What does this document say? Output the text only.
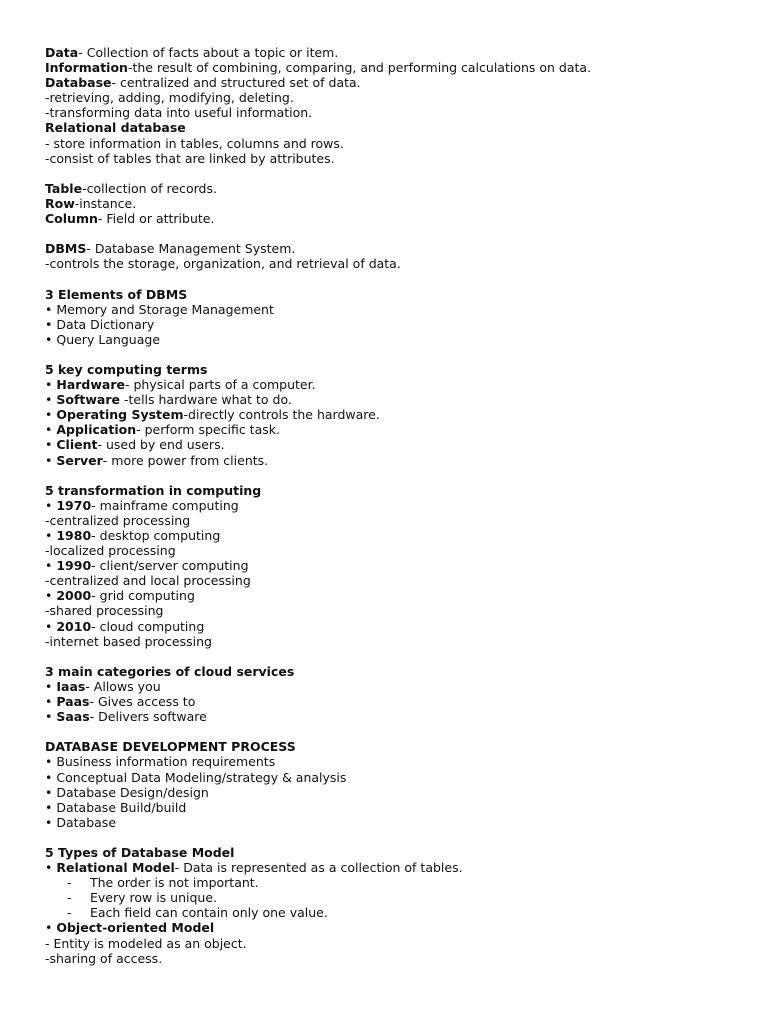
Data- Collection of facts about a topic or item.
Information-the result of combining, comparing, and performing calculations on data.
Database- centralized and structured set of data.
-retrieving, adding, modifying, deleting.
-transforming data into useful information.
Relational database
- store information in tables, columns and rows.
-consist of tables that are linked by attributes.
Table-collection of records.
Row-instance.
Column- Field or attribute.
DBMS- Database Management System.
-controls the storage, organization, and retrieval of data.
3 Elements of DBMS
• Memory and Storage Management
• Data Dictionary
• Query Language
5 key computing terms
• Hardware- physical parts of a computer.
• Software -tells hardware what to do.
• Operating System-directly controls the hardware.
• Application- perform specific task.
• Client- used by end users.
• Server- more power from clients.
5 transformation in computing
• 1970- mainframe computing
-centralized processing
• 1980- desktop computing
-localized processing
• 1990- client/server computing
-centralized and local processing
• 2000- grid computing
-shared processing
• 2010- cloud computing
-internet based processing
3 main categories of cloud services
• Iaas- Allows you
• Paas- Gives access to
• Saas- Delivers software
DATABASE DEVELOPMENT PROCESS
• Business information requirements
• Conceptual Data Modeling/strategy & analysis
• Database Design/design
• Database Build/build
• Database
5 Types of Database Model
• Relational Model- Data is represented as a collection of tables.
- The order is not important.
- Every row is unique.
- Each field can contain only one value.
• Object-oriented Model
- Entity is modeled as an object.
-sharing of access.
